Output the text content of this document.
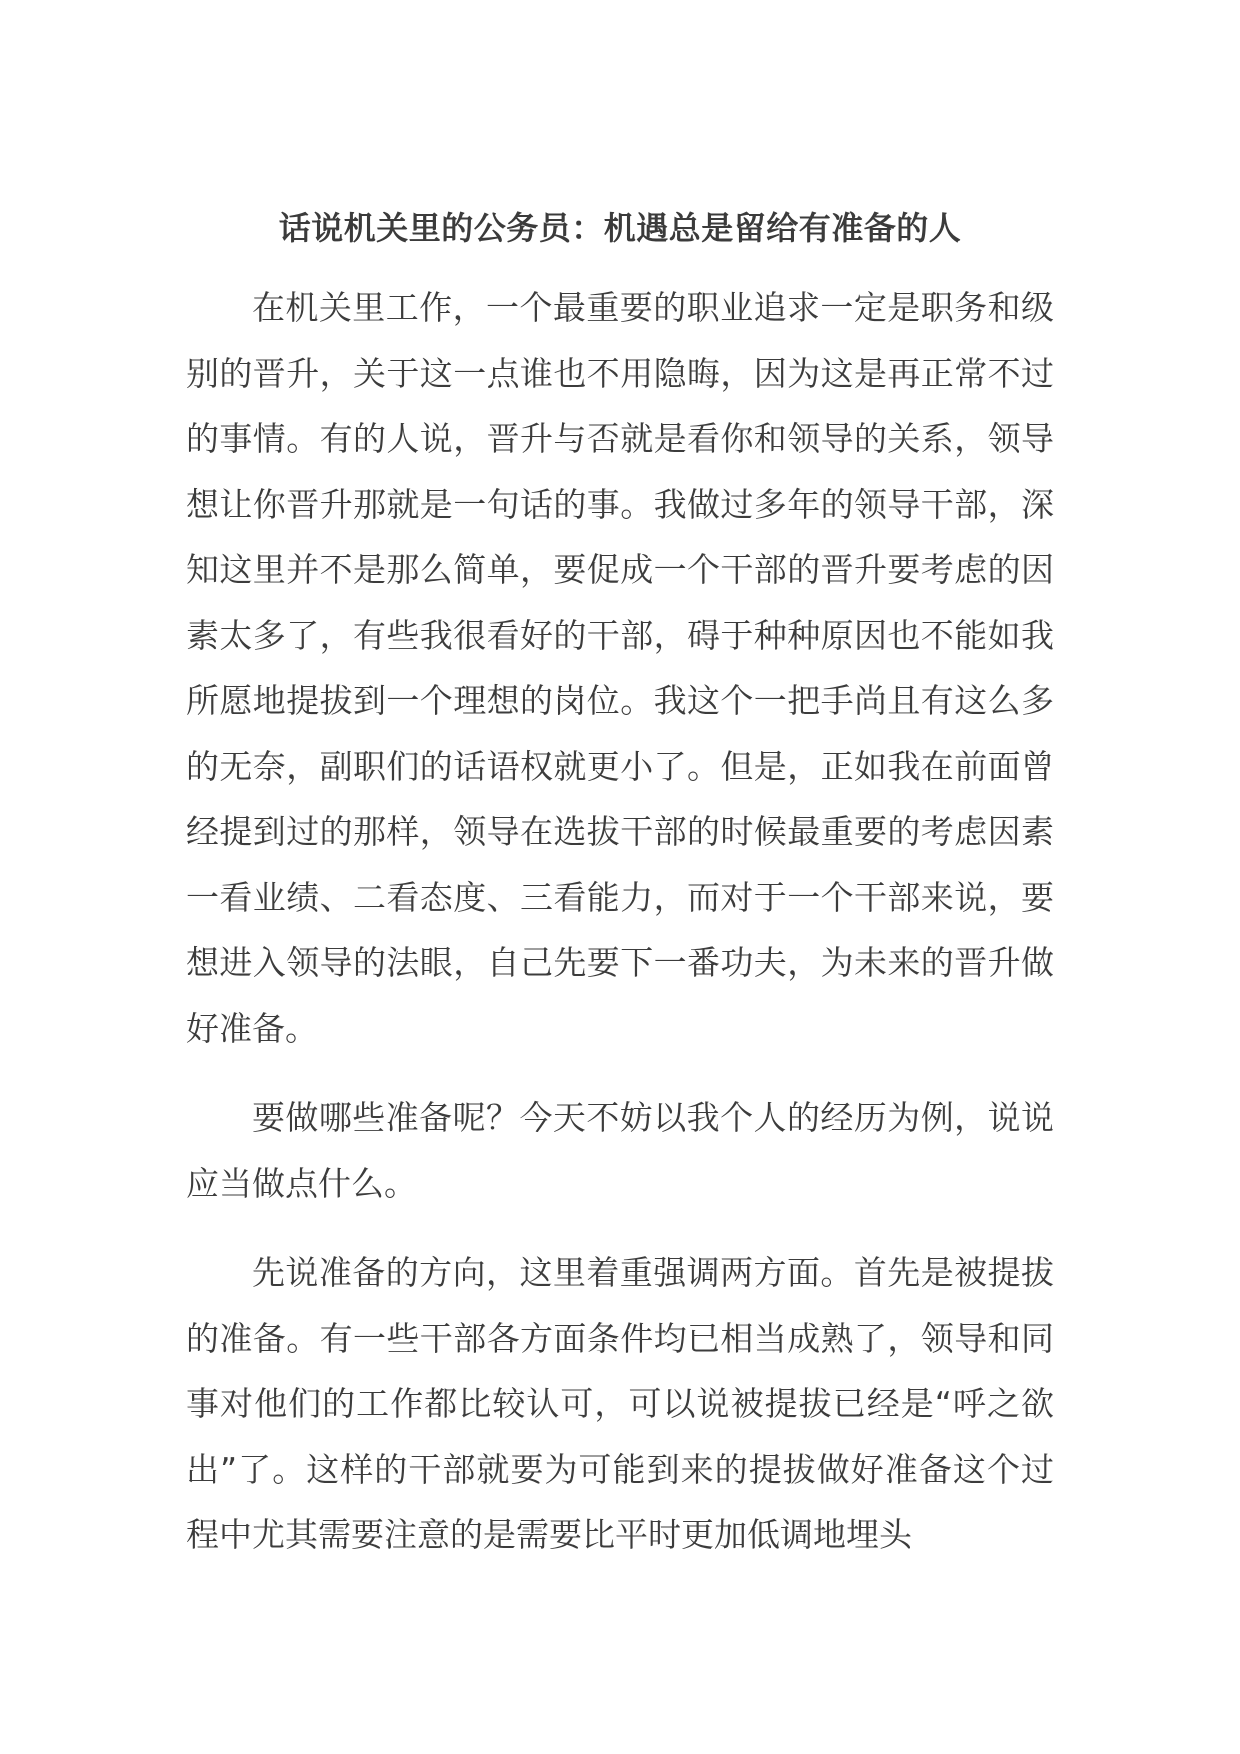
话说机关里的公务员：机遇总是留给有准备的人

在机关里工作，一个最重要的职业追求一定是职务和级别的晋升，关于这一点谁也不用隐晦，因为这是再正常不过的事情。有的人说，晋升与否就是看你和领导的关系，领导想让你晋升那就是一句话的事。我做过多年的领导干部，深知这里并不是那么简单，要促成一个干部的晋升要考虑的因素太多了，有些我很看好的干部，碍于种种原因也不能如我所愿地提拔到一个理想的岗位。我这个一把手尚且有这么多的无奈，副职们的话语权就更小了。但是，正如我在前面曾经提到过的那样，领导在选拔干部的时候最重要的考虑因素一看业绩、二看态度、三看能力，而对于一个干部来说，要想进入领导的法眼，自己先要下一番功夫，为未来的晋升做好准备。

要做哪些准备呢？今天不妨以我个人的经历为例，说说应当做点什么。

先说准备的方向，这里着重强调两方面。首先是被提拔的准备。有一些干部各方面条件均已相当成熟了，领导和同事对他们的工作都比较认可，可以说被提拔已经是“呼之欲出”了。这样的干部就要为可能到来的提拔做好准备这个过程中尤其需要注意的是需要比平时更加低调地埋头
